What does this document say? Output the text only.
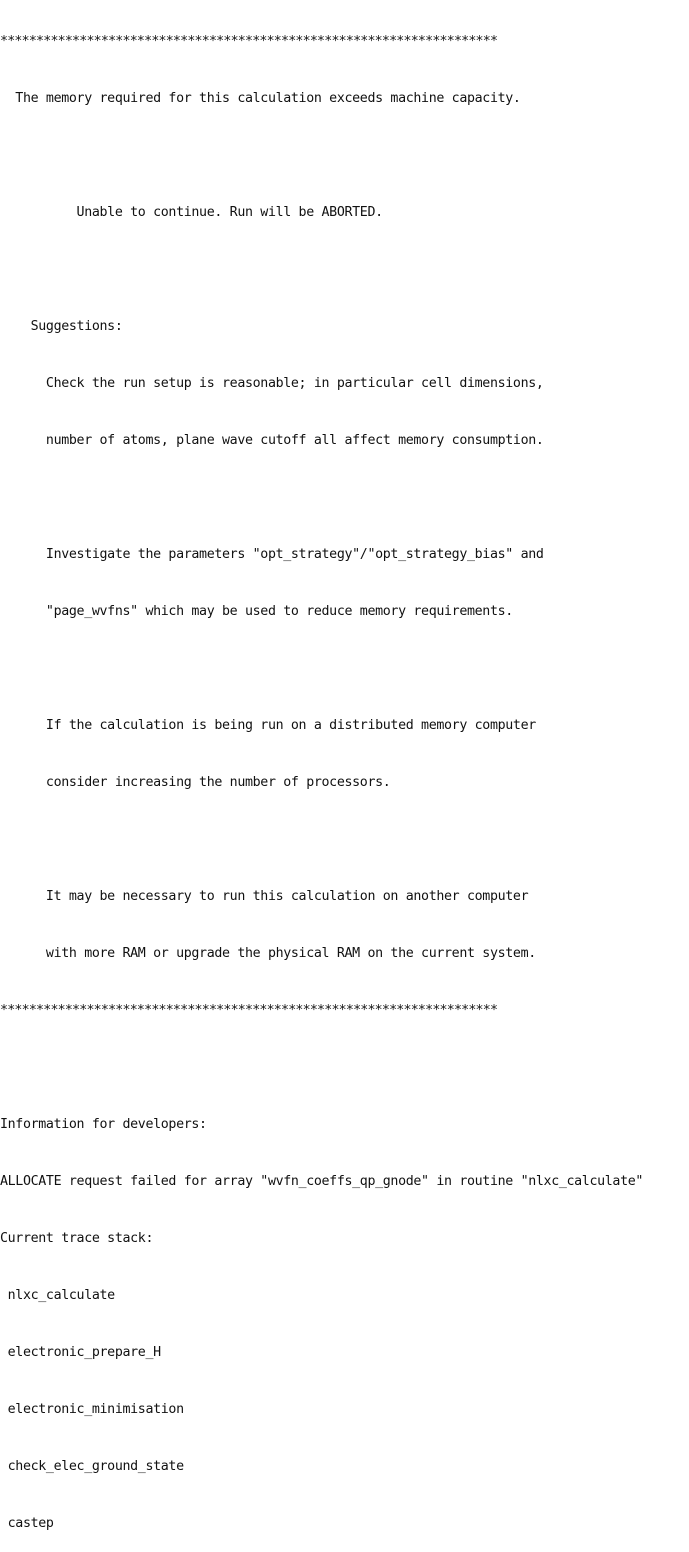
*********************************************************************

The memory required for this calculation exceeds machine capacity.

Unable to continue. Run will be ABORTED.

Suggestions:

Check the run setup is reasonable; in particular cell dimensions,

number of atoms, plane wave cutoff all affect memory consumption.

Investigate the parameters "opt_strategy"/"opt_strategy_bias" and

"page_wvfns" which may be used to reduce memory requirements.

If the calculation is being run on a distributed memory computer

consider increasing the number of processors.

It may be necessary to run this calculation on another computer

with more RAM or upgrade the physical RAM on the current system.

*********************************************************************

Information for developers:

ALLOCATE request failed for array "wvfn_coeffs_qp_gnode" in routine "nlxc_calculate"

Current trace stack:

nlxc_calculate

electronic_prepare_H

electronic_minimisation

check_elec_ground_state

castep
